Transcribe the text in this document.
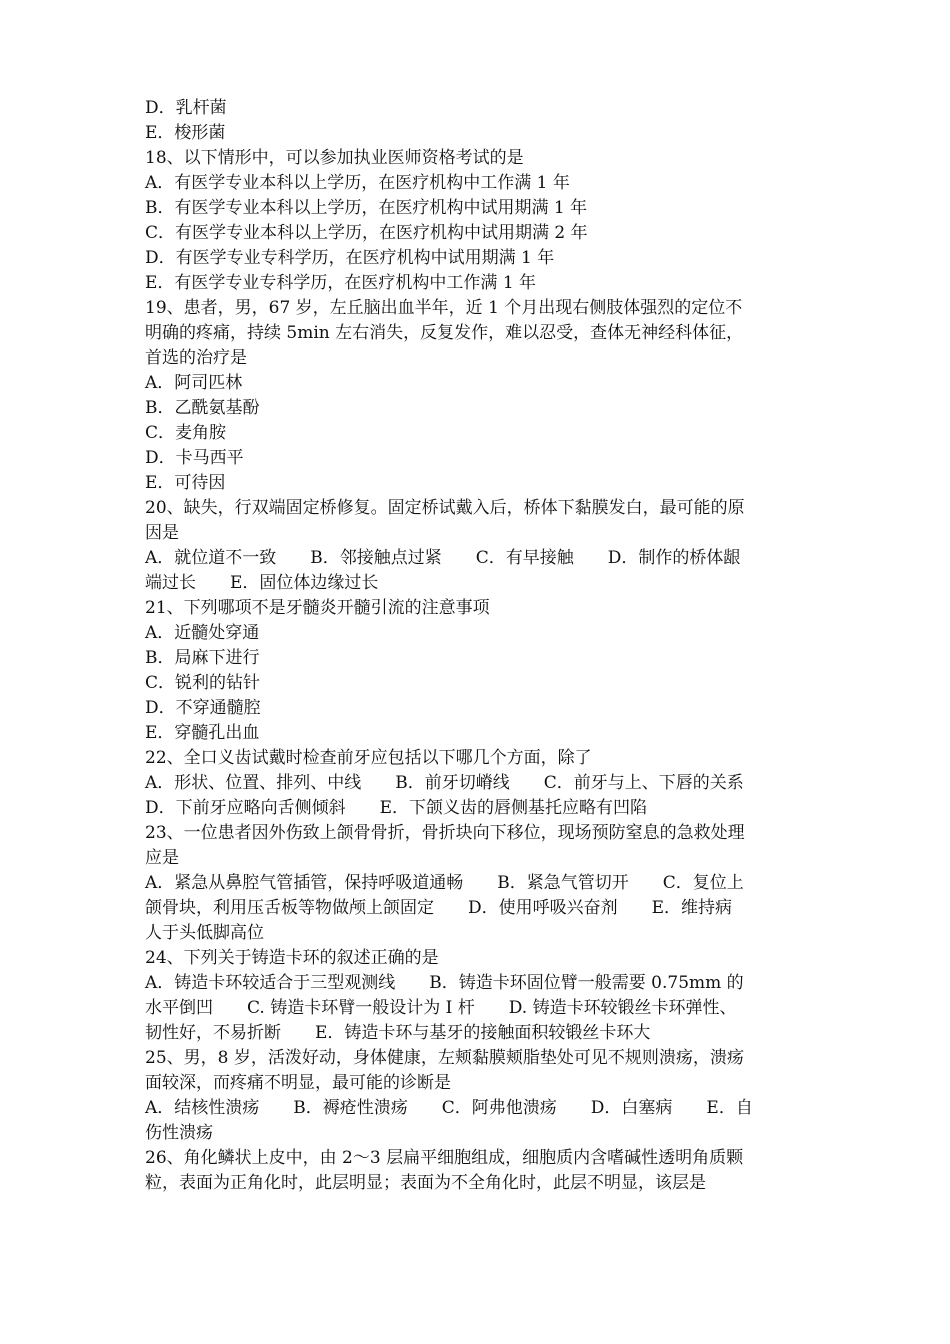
D．乳杆菌
E．梭形菌
18、以下情形中，可以参加执业医师资格考试的是
A．有医学专业本科以上学历，在医疗机构中工作满 1 年
B．有医学专业本科以上学历，在医疗机构中试用期满 1 年
C．有医学专业本科以上学历，在医疗机构中试用期满 2 年
D．有医学专业专科学历，在医疗机构中试用期满 1 年
E．有医学专业专科学历，在医疗机构中工作满 1 年
19、患者，男，67 岁，左丘脑出血半年，近 1 个月出现右侧肢体强烈的定位不
明确的疼痛，持续 5min 左右消失，反复发作，难以忍受，查体无神经科体征，
首选的治疗是
A．阿司匹林
B．乙酰氨基酚
C．麦角胺
D．卡马西平
E．可待因
20、缺失，行双端固定桥修复。固定桥试戴入后，桥体下黏膜发白，最可能的原
因是
A．就位道不一致　　B．邻接触点过紧　　C．有早接触　　D．制作的桥体龈
端过长　　E．固位体边缘过长
21、下列哪项不是牙髓炎开髓引流的注意事项
A．近髓处穿通
B．局麻下进行
C．锐利的钻针
D．不穿通髓腔
E．穿髓孔出血
22、全口义齿试戴时检查前牙应包括以下哪几个方面，除了
A．形状、位置、排列、中线　　B．前牙切嵴线　　C．前牙与上、下唇的关系
D．下前牙应略向舌侧倾斜　　E．下颌义齿的唇侧基托应略有凹陷
23、一位患者因外伤致上颌骨骨折，骨折块向下移位，现场预防窒息的急救处理
应是
A．紧急从鼻腔气管插管，保持呼吸道通畅　　B．紧急气管切开　　C．复位上
颌骨块，利用压舌板等物做颅上颌固定　　D．使用呼吸兴奋剂　　E．维持病
人于头低脚高位
24、下列关于铸造卡环的叙述正确的是
A．铸造卡环较适合于三型观测线　　B．铸造卡环固位臂一般需要 0.75mm 的
水平倒凹　　C. 铸造卡环臂一般设计为 I 杆　　D. 铸造卡环较锻丝卡环弹性、
韧性好，不易折断　　E．铸造卡环与基牙的接触面积较锻丝卡环大
25、男，8 岁，活泼好动，身体健康，左颊黏膜颊脂垫处可见不规则溃疡，溃疡
面较深，而疼痛不明显，最可能的诊断是
A．结核性溃疡　　B．褥疮性溃疡　　C．阿弗他溃疡　　D．白塞病　　E．自
伤性溃疡
26、角化鳞状上皮中，由 2～3 层扁平细胞组成，细胞质内含嗜碱性透明角质颗
粒，表面为正角化时，此层明显；表面为不全角化时，此层不明显，该层是
